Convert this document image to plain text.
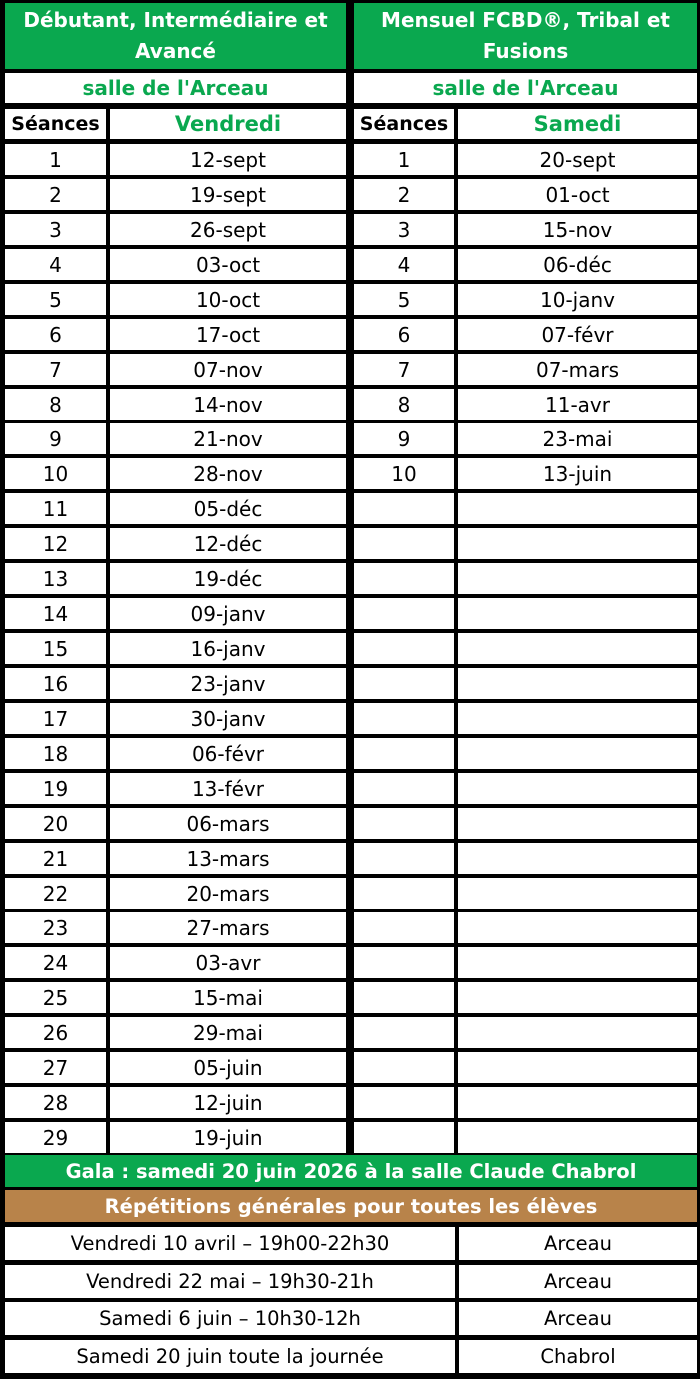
Débutant, Intermédiaire et Avancé
Mensuel FCBD®, Tribal et Fusions
salle de l'Arceau	salle de l'Arceau
Séances	Vendredi	Séances	Samedi
1	12-sept	1	20-sept
2	19-sept	2	01-oct
3	26-sept	3	15-nov
4	03-oct	4	06-déc
5	10-oct	5	10-janv
6	17-oct	6	07-févr
7	07-nov	7	07-mars
8	14-nov	8	11-avr
9	21-nov	9	23-mai
10	28-nov	10	13-juin
11	05-déc
12	12-déc
13	19-déc
14	09-janv
15	16-janv
16	23-janv
17	30-janv
18	06-févr
19	13-févr
20	06-mars
21	13-mars
22	20-mars
23	27-mars
24	03-avr
25	15-mai
26	29-mai
27	05-juin
28	12-juin
29	19-juin
Gala : samedi 20 juin 2026 à la salle Claude Chabrol
Répétitions générales pour toutes les élèves
Vendredi 10 avril – 19h00-22h30	Arceau
Vendredi 22 mai – 19h30-21h	Arceau
Samedi 6 juin – 10h30-12h	Arceau
Samedi 20 juin toute la journée	Chabrol
